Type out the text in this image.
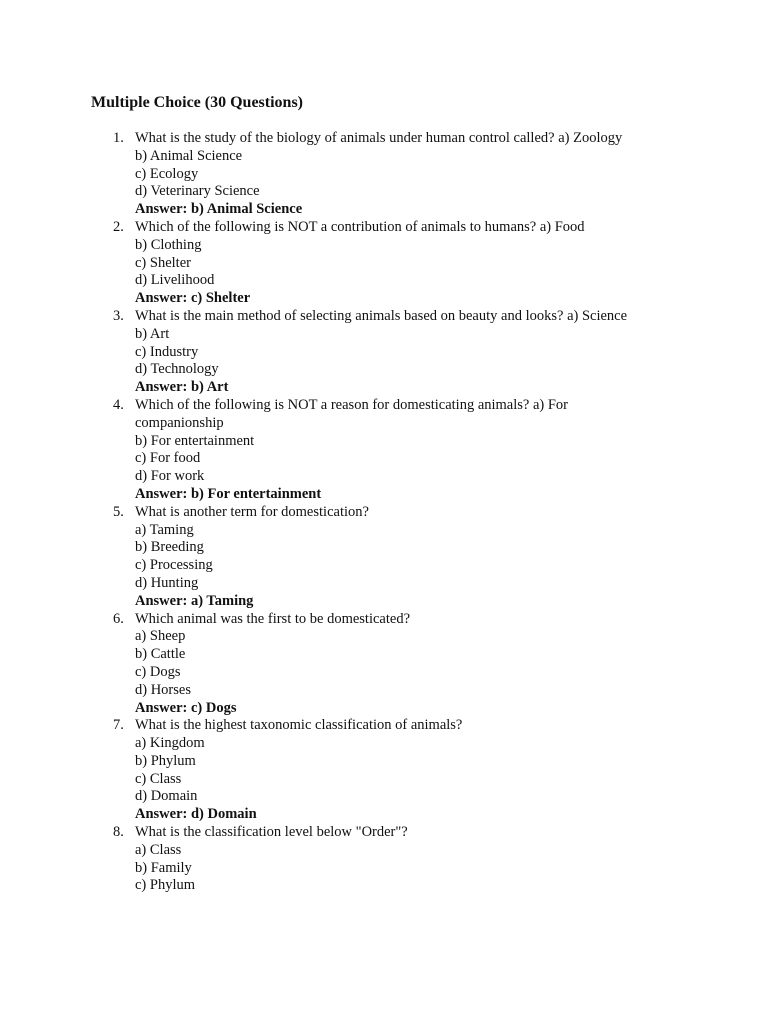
Multiple Choice (30 Questions)
1. What is the study of the biology of animals under human control called? a) Zoology
b) Animal Science
c) Ecology
d) Veterinary Science
Answer: b) Animal Science
2. Which of the following is NOT a contribution of animals to humans? a) Food
b) Clothing
c) Shelter
d) Livelihood
Answer: c) Shelter
3. What is the main method of selecting animals based on beauty and looks? a) Science
b) Art
c) Industry
d) Technology
Answer: b) Art
4. Which of the following is NOT a reason for domesticating animals? a) For companionship
b) For entertainment
c) For food
d) For work
Answer: b) For entertainment
5. What is another term for domestication?
a) Taming
b) Breeding
c) Processing
d) Hunting
Answer: a) Taming
6. Which animal was the first to be domesticated?
a) Sheep
b) Cattle
c) Dogs
d) Horses
Answer: c) Dogs
7. What is the highest taxonomic classification of animals?
a) Kingdom
b) Phylum
c) Class
d) Domain
Answer: d) Domain
8. What is the classification level below "Order"?
a) Class
b) Family
c) Phylum
